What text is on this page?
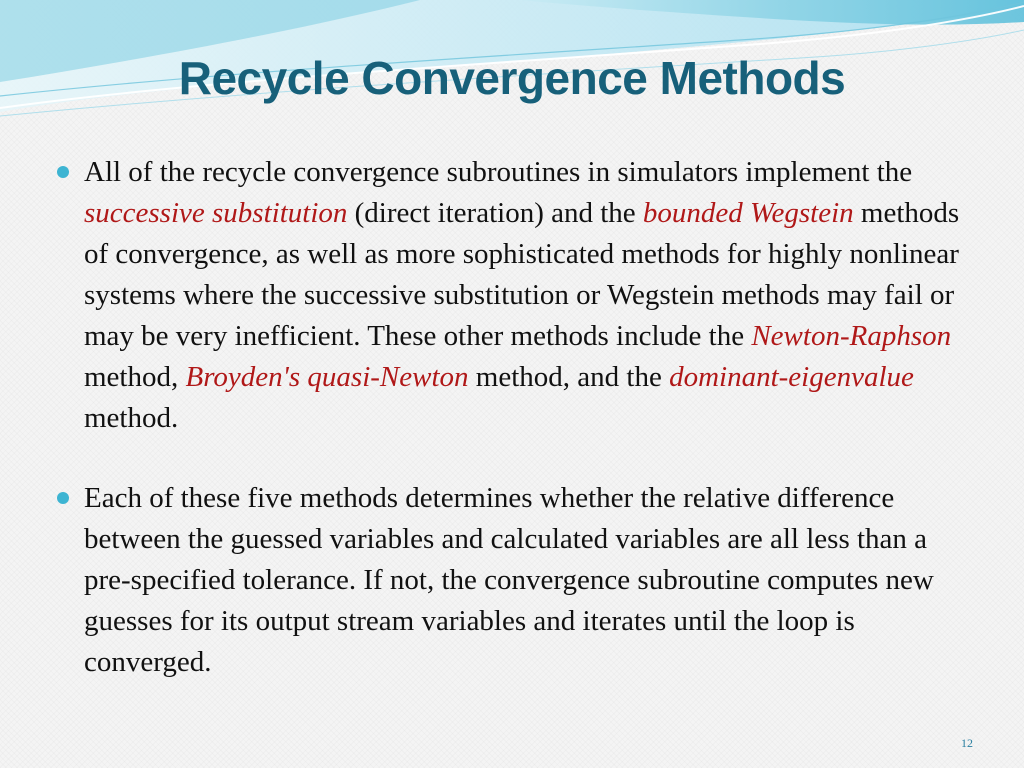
Recycle Convergence Methods
All of the recycle convergence subroutines in simulators implement the successive substitution (direct iteration) and the bounded Wegstein methods of convergence, as well as more sophisticated methods for highly nonlinear systems where the successive substitution or Wegstein methods may fail or may be very inefficient. These other methods include the Newton-Raphson method, Broyden's quasi-Newton method, and the dominant-eigenvalue method.
Each of these five methods determines whether the relative difference between the guessed variables and calculated variables are all less than a pre-specified tolerance. If not, the convergence subroutine computes new guesses for its output stream variables and iterates until the loop is converged.
12
